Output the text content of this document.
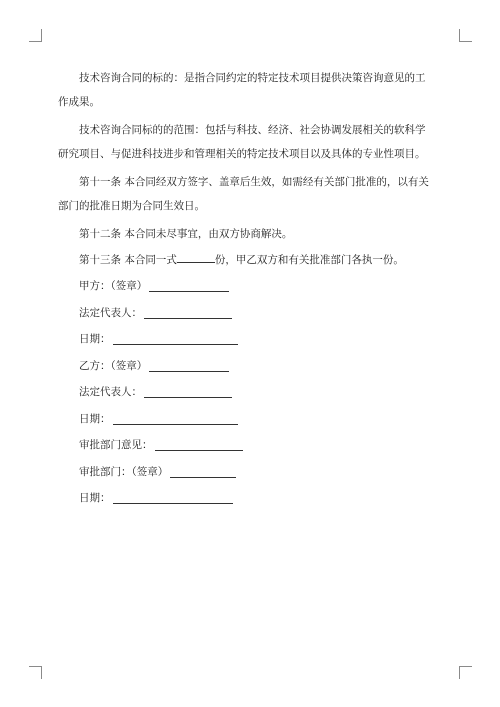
技术咨询合同的标的：是指合同约定的特定技术项目提供决策咨询意见的工作成果。

技术咨询合同标的的范围：包括与科技、经济、社会协调发展相关的软科学研究项目、与促进科技进步和管理相关的特定技术项目以及具体的专业性项目。

第十一条 本合同经双方签字、盖章后生效，如需经有关部门批准的，以有关部门的批准日期为合同生效日。

第十二条 本合同未尽事宜，由双方协商解决。

第十三条 本合同一式	份，甲乙双方和有关批准部门各执一份。

甲方：（签章）
法定代表人：
日期：
乙方：（签章）
法定代表人：
日期：
审批部门意见：
审批部门：（签章）
日期：
